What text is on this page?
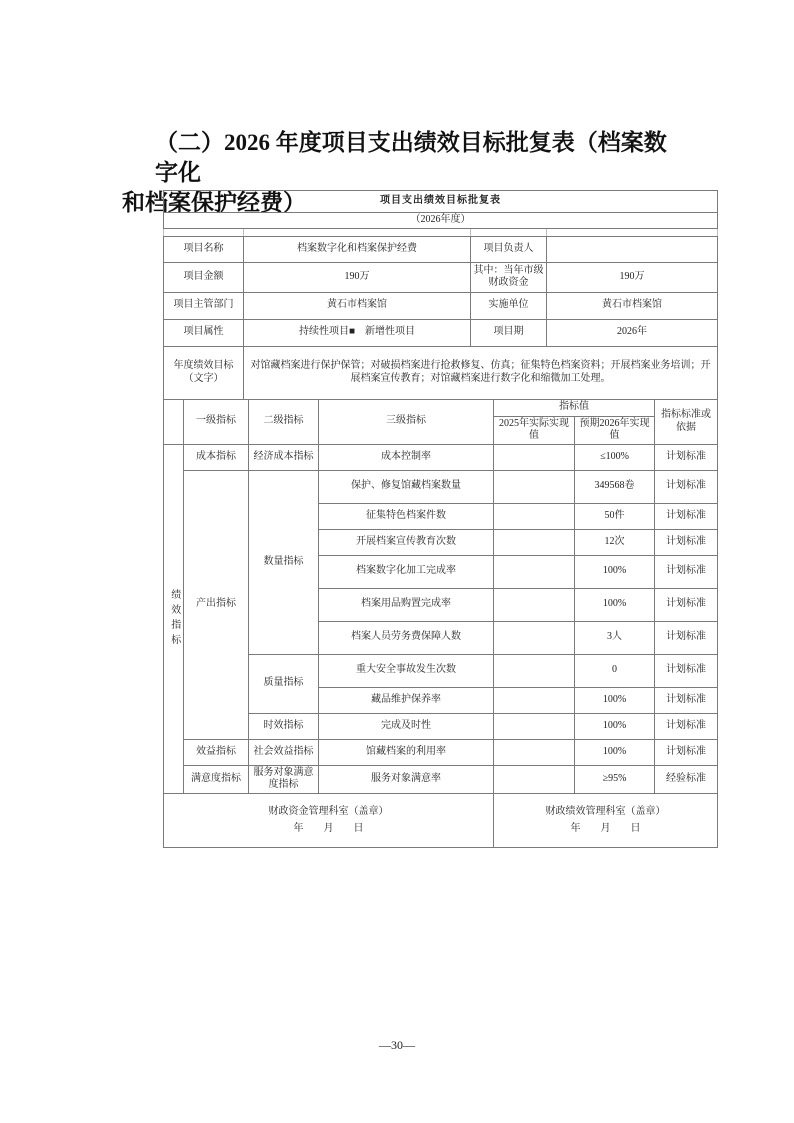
（二）2026 年度项目支出绩效目标批复表（档案数字化
和档案保护经费）	项目支出绩效目标批复表			
（2026年度）			

项目名称	档案数字化和档案保护经费	项目负责人	
项目金额	190万	其中：当年市级财政资金	190万
项目主管部门	黄石市档案馆	实施单位	黄石市档案馆
项目属性	持续性项目■　新增性项目	项目期	2026年
年度绩效目标（文字）	对馆藏档案进行保护保管；对破损档案进行抢救修复、仿真；征集特色档案资料；开展档案业务培训；开展档案宣传教育；对馆藏档案进行数字化和缩微加工处理。		
	一级指标	二级指标	三级指标	指标值		指标标准或依据
				2025年实际实现值	预期2026年实现值	
绩效指标	成本指标	经济成本指标	成本控制率		≤100%	计划标准
	产出指标	数量指标	保护、修复馆藏档案数量		349568卷	计划标准
			征集特色档案件数		50件	计划标准
			开展档案宣传教育次数		12次	计划标准
			档案数字化加工完成率		100%	计划标准
			档案用品购置完成率		100%	计划标准
			档案人员劳务费保障人数		3人	计划标准
		质量指标	重大安全事故发生次数		0	计划标准
			藏品维护保养率		100%	计划标准
		时效指标	完成及时性		100%	计划标准
	效益指标	社会效益指标	馆藏档案的利用率		100%	计划标准
	满意度指标	服务对象满意度指标	服务对象满意率		≥95%	经验标准

财政资金管理科室（盖章）
年　　月　　日

财政绩效管理科室（盖章）
年　　月　　日
—30—
